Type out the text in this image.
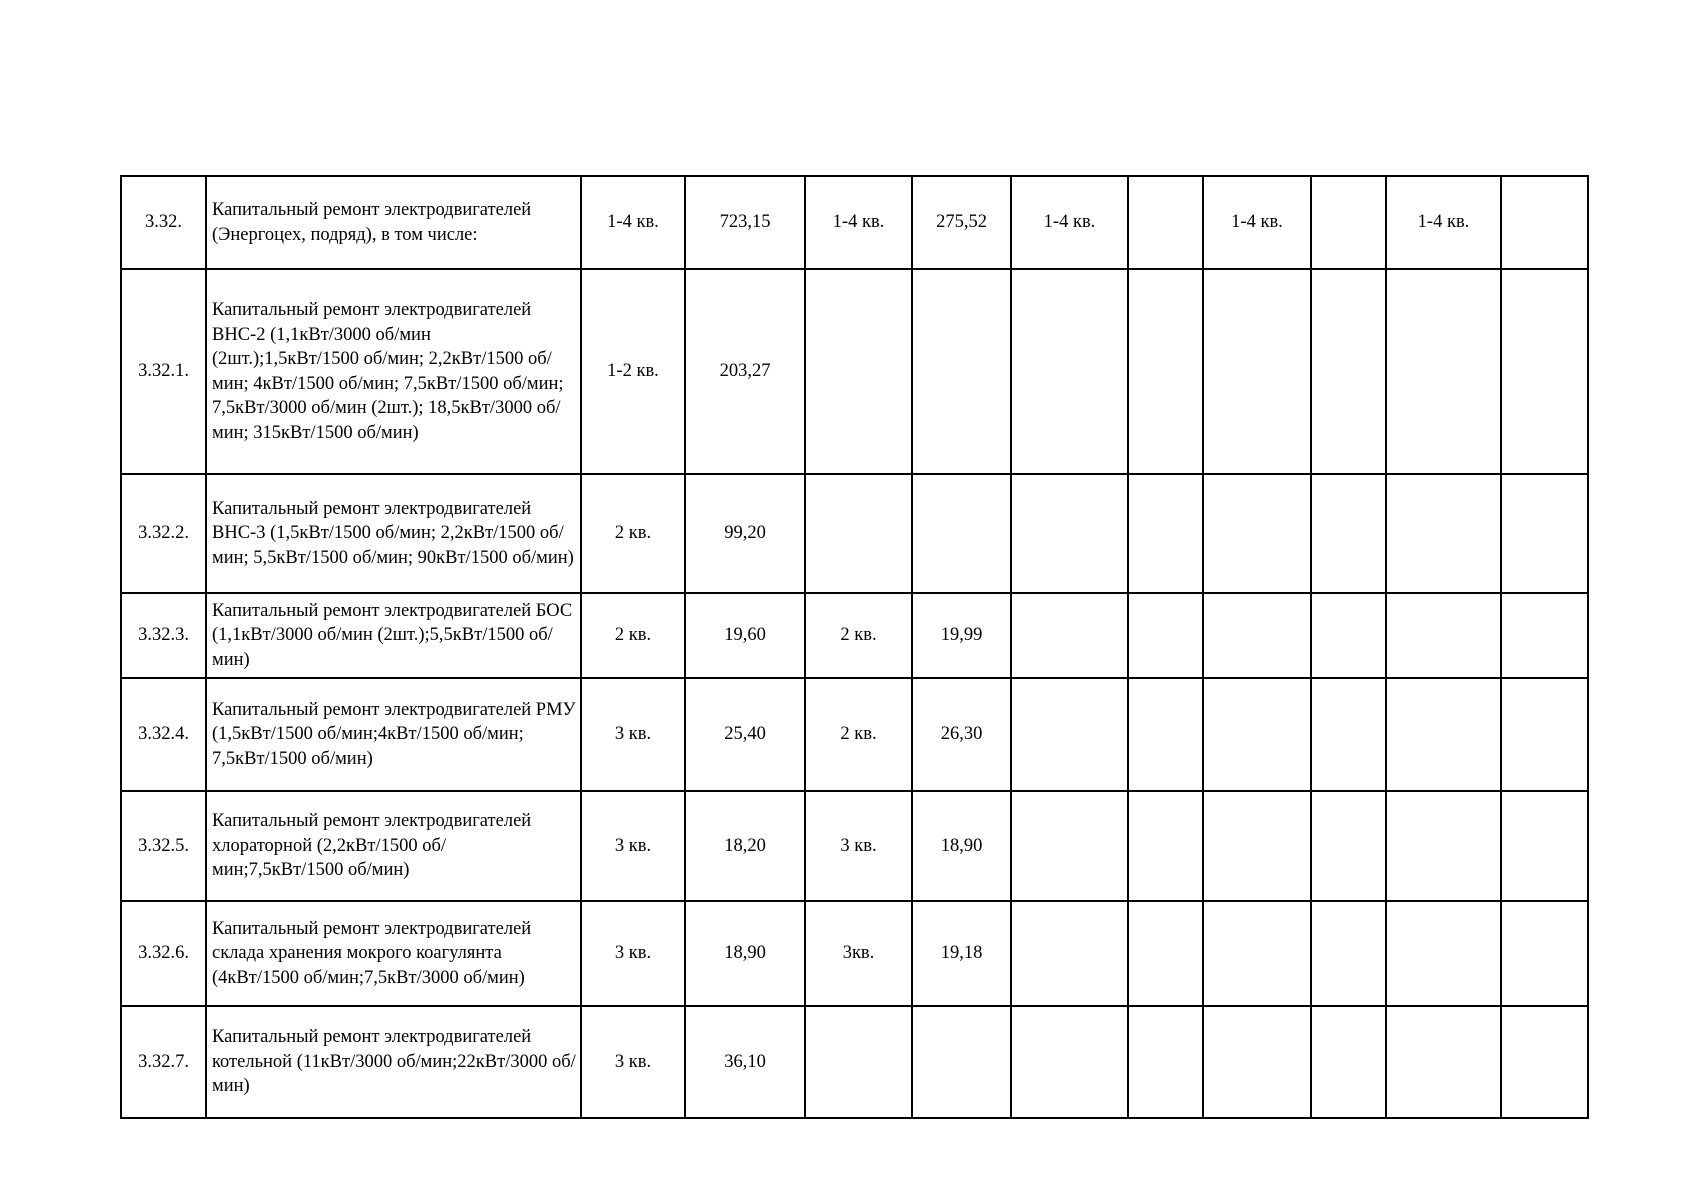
3.32.	Капитальный ремонт электродвигателей (Энергоцех, подряд), в том числе:	1-4 кв.	723,15	1-4 кв.	275,52	1-4 кв.		1-4 кв.		1-4 кв.	
3.32.1.	Капитальный ремонт электродвигателей ВНС-2 (1,1кВт/3000 об/мин (2шт.);1,5кВт/1500 об/мин; 2,2кВт/1500 об/мин; 4кВт/1500 об/мин; 7,5кВт/1500 об/мин; 7,5кВт/3000 об/мин (2шт.); 18,5кВт/3000 об/мин; 315кВт/1500 об/мин)	1-2 кв.	203,27								
3.32.2.	Капитальный ремонт электродвигателей ВНС-3 (1,5кВт/1500 об/мин; 2,2кВт/1500 об/мин; 5,5кВт/1500 об/мин; 90кВт/1500 об/мин)	2 кв.	99,20								
3.32.3.	Капитальный ремонт электродвигателей БОС (1,1кВт/3000 об/мин (2шт.);5,5кВт/1500 об/мин)	2 кв.	19,60	2 кв.	19,99						
3.32.4.	Капитальный ремонт электродвигателей РМУ (1,5кВт/1500 об/мин;4кВт/1500 об/мин; 7,5кВт/1500 об/мин)	3 кв.	25,40	2 кв.	26,30						
3.32.5.	Капитальный ремонт электродвигателей хлораторной (2,2кВт/1500 об/мин;7,5кВт/1500 об/мин)	3 кв.	18,20	3 кв.	18,90						
3.32.6.	Капитальный ремонт электродвигателей склада хранения мокрого коагулянта (4кВт/1500 об/мин;7,5кВт/3000 об/мин)	3 кв.	18,90	3кв.	19,18						
3.32.7.	Капитальный ремонт электродвигателей котельной (11кВт/3000 об/мин;22кВт/3000 об/мин)	3 кв.	36,10								
